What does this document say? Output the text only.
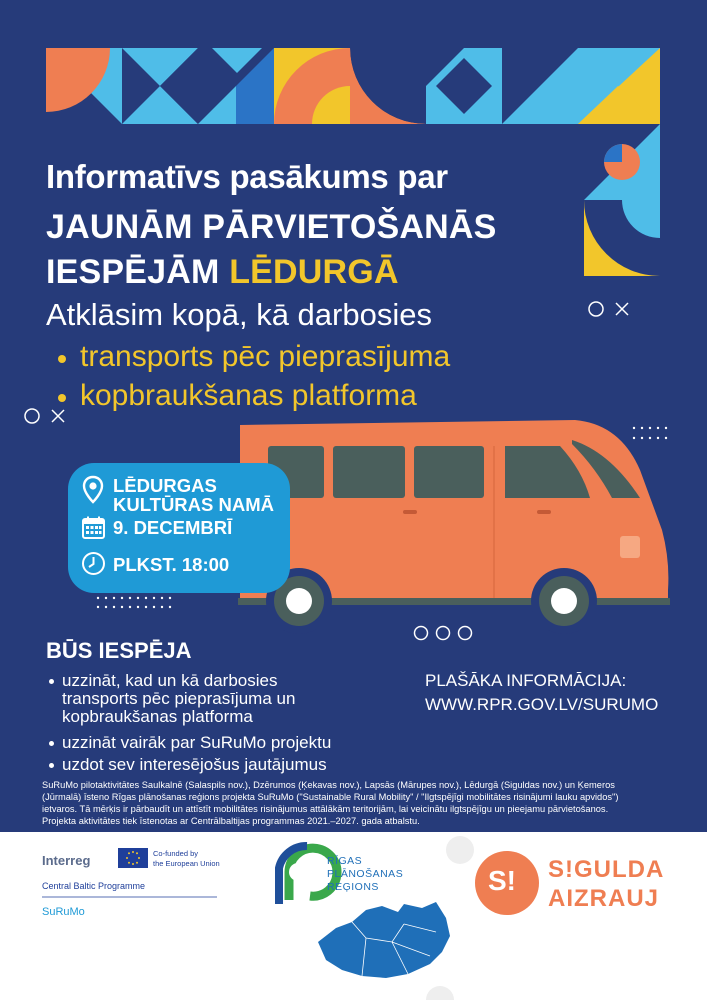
Informatīvs pasākums par
JAUNĀM PĀRVIETOŠANĀS
IESPĒJĀM LĒDURGĀ
Atklāsim kopā, kā darbosies
transports pēc pieprasījuma
kopbraukšanas platforma
LĒDURGAS
KULTŪRAS NAMĀ
9. DECEMBRĪ
PLKST. 18:00
BŪS IESPĒJA
uzzināt, kad un kā darbosies
transports pēc pieprasījuma un
kopbraukšanas platforma
uzzināt vairāk par SuRuMo projektu
uzdot sev interesējošus jautājumus
PLAŠĀKA INFORMĀCIJA:
WWW.RPR.GOV.LV/SURUMO
SuRuMo pilotaktivitātes Saulkalnē (Salaspils nov.), Dzērumos (Ķekavas nov.), Lapsās (Mārupes nov.), Lēdurgā (Siguldas nov.) un Ķemeros
(Jūrmalā) īsteno Rīgas plānošanas reģions projekta SuRuMo ("Sustainable Rural Mobility" / "Ilgtspējīgi mobilitātes risinājumi lauku apvidos")
ietvaros. Tā mērķis ir pārbaudīt un attīstīt mobilitātes risinājumus attālākām teritorijām, lai veicinātu ilgtspējīgu un pieejamu pārvietošanos.
Projekta aktivitātes tiek īstenotas ar Centrālbaltijas programmas 2021.–2027. gada atbalstu.
Interreg	Co-funded by
the European Union
Central Baltic Programme
SuRuMo
RĪGAS
PLĀNOŠANAS
REĢIONS	S! S!GULDA
AIZRAUJ
